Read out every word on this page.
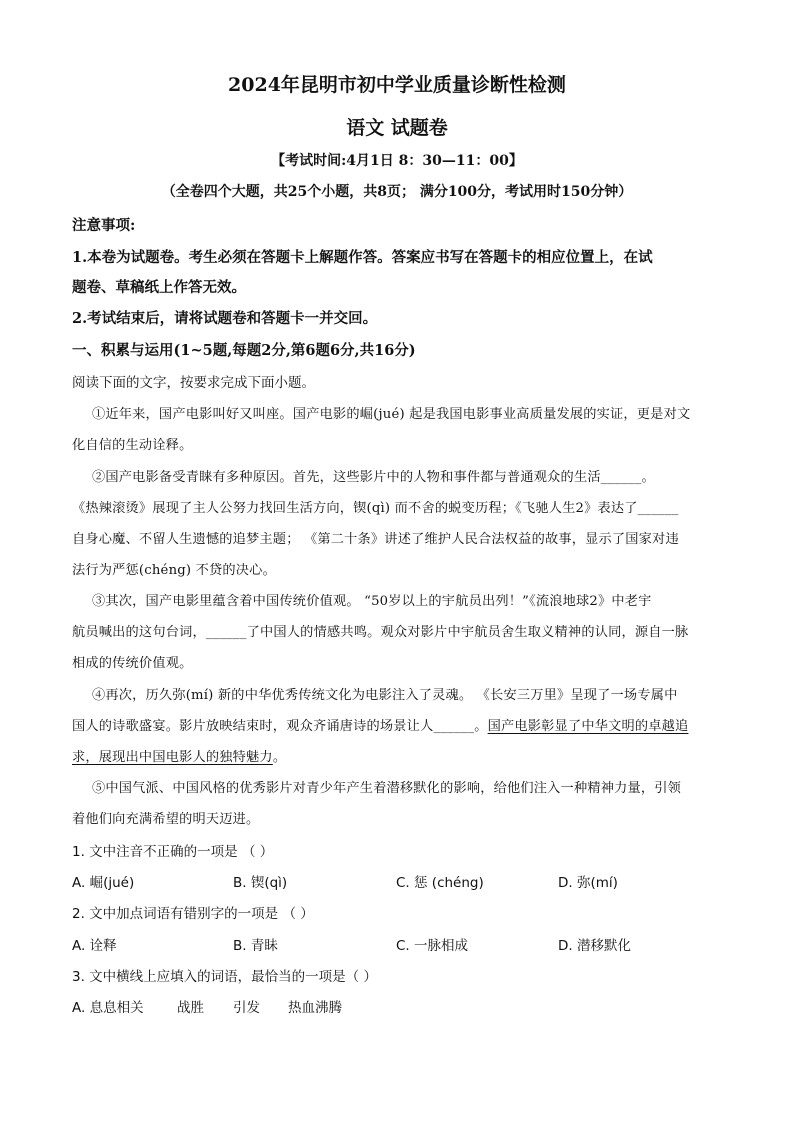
2024年昆明市初中学业质量诊断性检测
语文 试题卷
【考试时间:4月1日 8：30—11：00】
（全卷四个大题，共25个小题，共8页； 满分100分，考试用时150分钟）
注意事项:
1.本卷为试题卷。考生必须在答题卡上解题作答。答案应书写在答题卡的相应位置上，在试
题卷、草稿纸上作答无效。
2.考试结束后，请将试题卷和答题卡一并交回。
一、积累与运用(1~5题,每题2分,第6题6分,共16分)
阅读下面的文字，按要求完成下面小题。
①近年来，国产电影叫好又叫座。国产电影的崛(jué) 起是我国电影事业高质量发展的实证，更是对文
化自信的生动诠释。
②国产电影备受青睐有多种原因。首先，这些影片中的人物和事件都与普通观众的生活______。
《热辣滚烫》展现了主人公努力找回生活方向，锲(qì) 而不舍的蜕变历程；《飞驰人生2》表达了______
自身心魔、不留人生遗憾的追梦主题； 《第二十条》讲述了维护人民合法权益的故事，显示了国家对违
法行为严惩(chéng) 不贷的决心。
③其次，国产电影里蕴含着中国传统价值观。 “50岁以上的宇航员出列！”《流浪地球2》中老宇
航员喊出的这句台词，______了中国人的情感共鸣。观众对影片中宇航员舍生取义精神的认同，源自一脉
相成的传统价值观。
④再次，历久弥(mí) 新的中华优秀传统文化为电影注入了灵魂。 《长安三万里》呈现了一场专属中
国人的诗歌盛宴。影片放映结束时，观众齐诵唐诗的场景让人______。国产电影彰显了中华文明的卓越追
求，展现出中国电影人的独特魅力。
⑤中国气派、中国风格的优秀影片对青少年产生着潜移默化的影响，给他们注入一种精神力量，引领
着他们向充满希望的明天迈进。
1. 文中注音不正确的一项是 （ ）
A. 崛(jué)	B. 锲(qì)	C. 惩 (chéng)	D. 弥(mí)
2. 文中加点词语有错别字的一项是 （ ）
A. 诠释	B. 青眛	C. 一脉相成	D. 潜移默化
3. 文中横线上应填入的词语，最恰当的一项是（ ）
A. 息息相关 战胜 引发 热血沸腾
